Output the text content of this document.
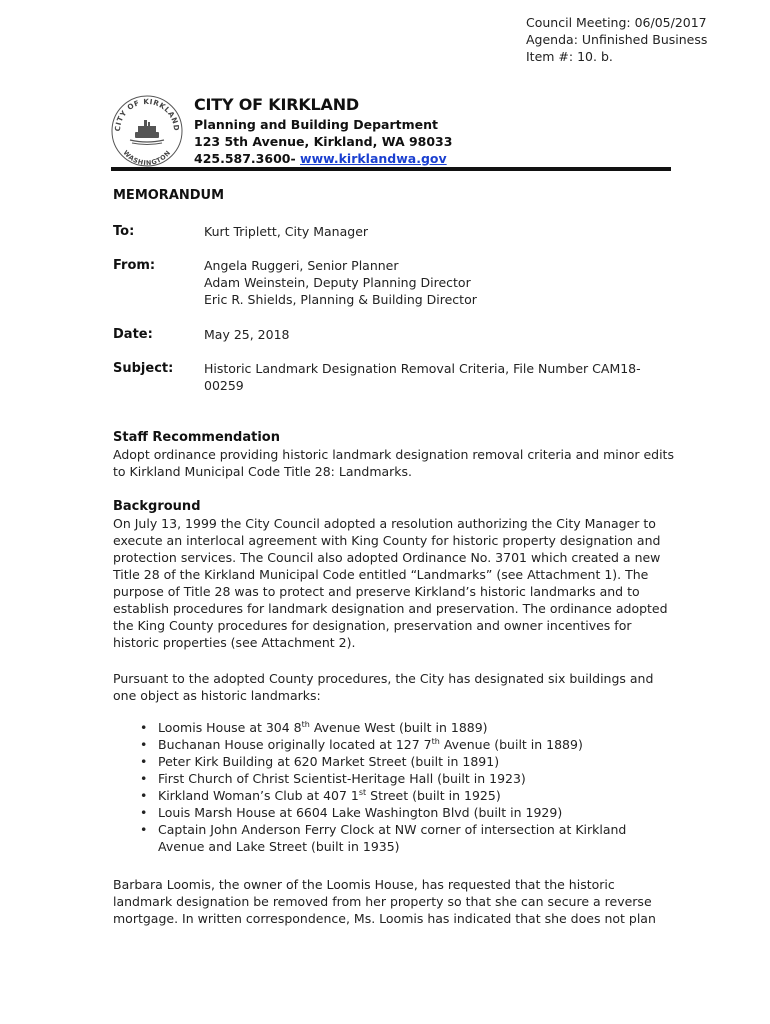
Council Meeting: 06/05/2017
Agenda: Unfinished Business
Item #: 10. b.
CITY OF KIRKLAND
WASHINGTON
CITY OF KIRKLAND
Planning and Building Department
123 5th Avenue, Kirkland, WA 98033
425.587.3600- www.kirklandwa.gov
MEMORANDUM
To:	Kurt Triplett, City Manager
From:	Angela Ruggeri, Senior Planner
Adam Weinstein, Deputy Planning Director
Eric R. Shields, Planning & Building Director
Date:	May 25, 2018
Subject: Historic Landmark Designation Removal Criteria, File Number CAM18-
00259
Staff Recommendation
Adopt ordinance providing historic landmark designation removal criteria and minor edits
to Kirkland Municipal Code Title 28: Landmarks.
Background
On July 13, 1999 the City Council adopted a resolution authorizing the City Manager to
execute an interlocal agreement with King County for historic property designation and
protection services. The Council also adopted Ordinance No. 3701 which created a new
Title 28 of the Kirkland Municipal Code entitled “Landmarks” (see Attachment 1). The
purpose of Title 28 was to protect and preserve Kirkland’s historic landmarks and to
establish procedures for landmark designation and preservation. The ordinance adopted
the King County procedures for designation, preservation and owner incentives for
historic properties (see Attachment 2).
Pursuant to the adopted County procedures, the City has designated six buildings and
one object as historic landmarks:
• Loomis House at 304 8th Avenue West (built in 1889)
• Buchanan House originally located at 127 7th Avenue (built in 1889)
• Peter Kirk Building at 620 Market Street (built in 1891)
• First Church of Christ Scientist-Heritage Hall (built in 1923)
• Kirkland Woman’s Club at 407 1st Street (built in 1925)
• Louis Marsh House at 6604 Lake Washington Blvd (built in 1929)
• Captain John Anderson Ferry Clock at NW corner of intersection at Kirkland
Avenue and Lake Street (built in 1935)
Barbara Loomis, the owner of the Loomis House, has requested that the historic
landmark designation be removed from her property so that she can secure a reverse
mortgage. In written correspondence, Ms. Loomis has indicated that she does not plan
